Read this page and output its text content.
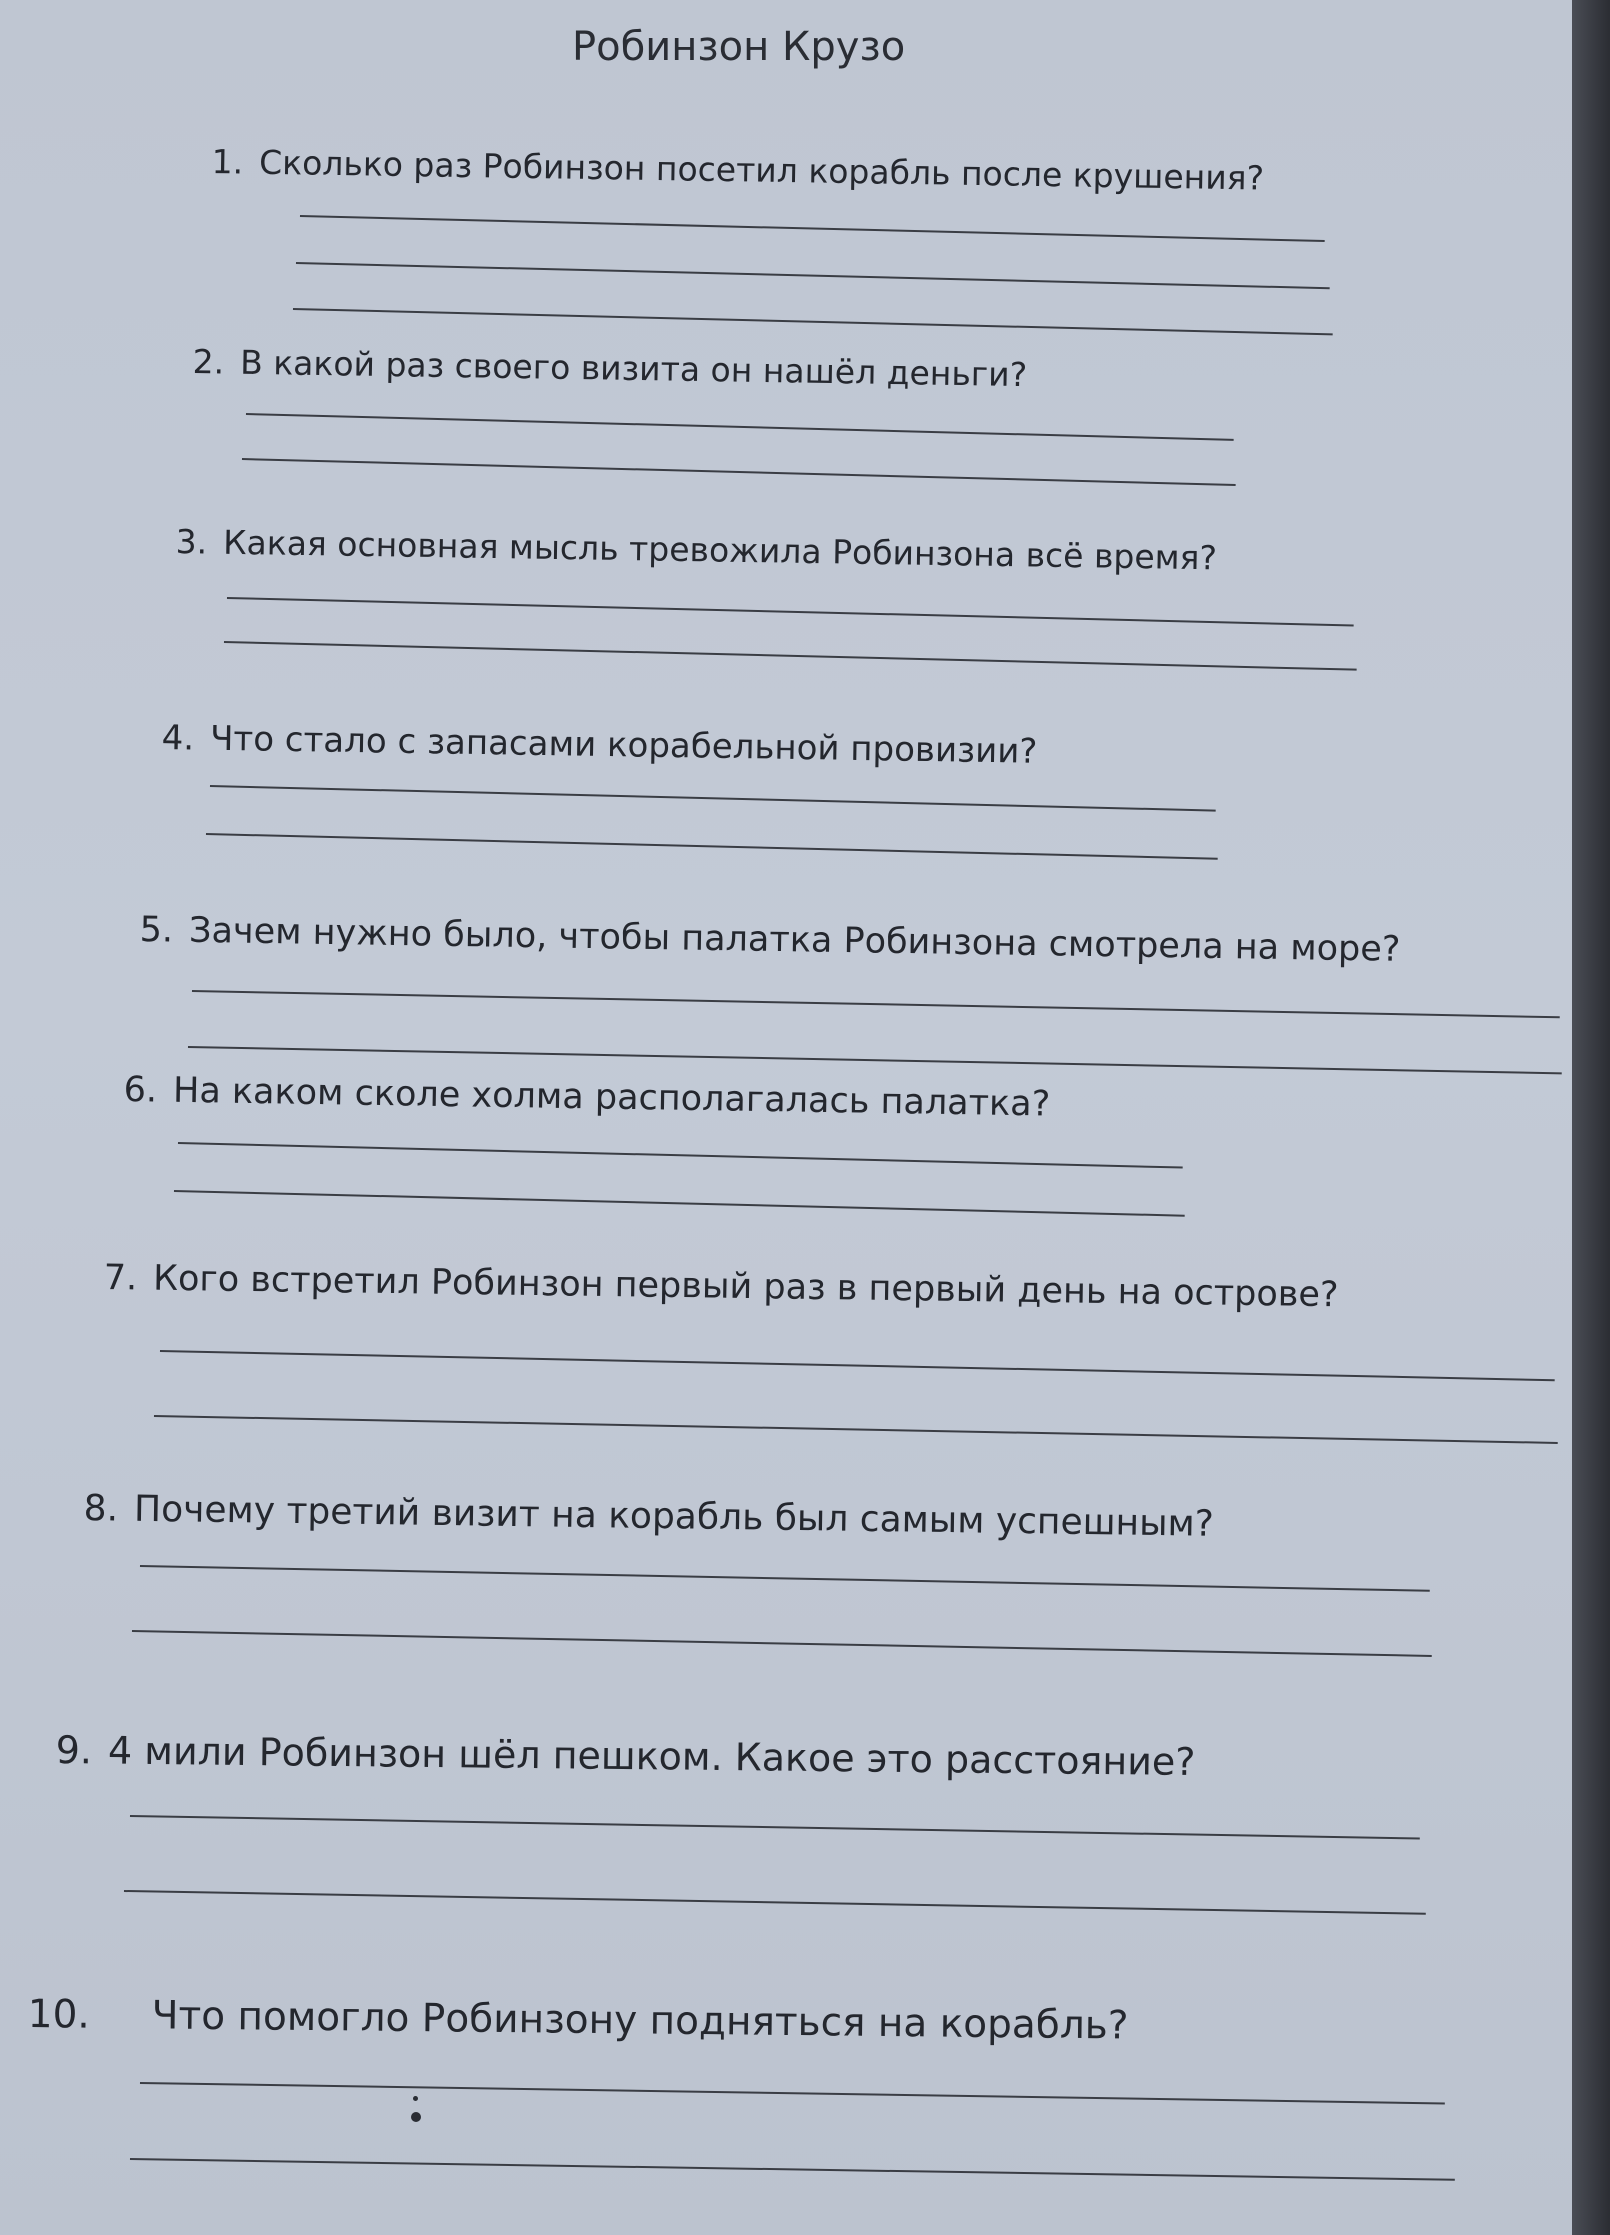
Робинзон Крузо
1. Сколько раз Робинзон посетил корабль после крушения?
2. В какой раз своего визита он нашёл деньги?
3. Какая основная мысль тревожила Робинзона всё время?
4. Что стало с запасами корабельной провизии?
5. Зачем нужно было, чтобы палатка Робинзона смотрела на море?
6. На каком сколе холма располагалась палатка?
7. Кого встретил Робинзон первый раз в первый день на острове?
8. Почему третий визит на корабль был самым успешным?
9. 4 мили Робинзон шёл пешком. Какое это расстояние?
10. Что помогло Робинзону подняться на корабль?
